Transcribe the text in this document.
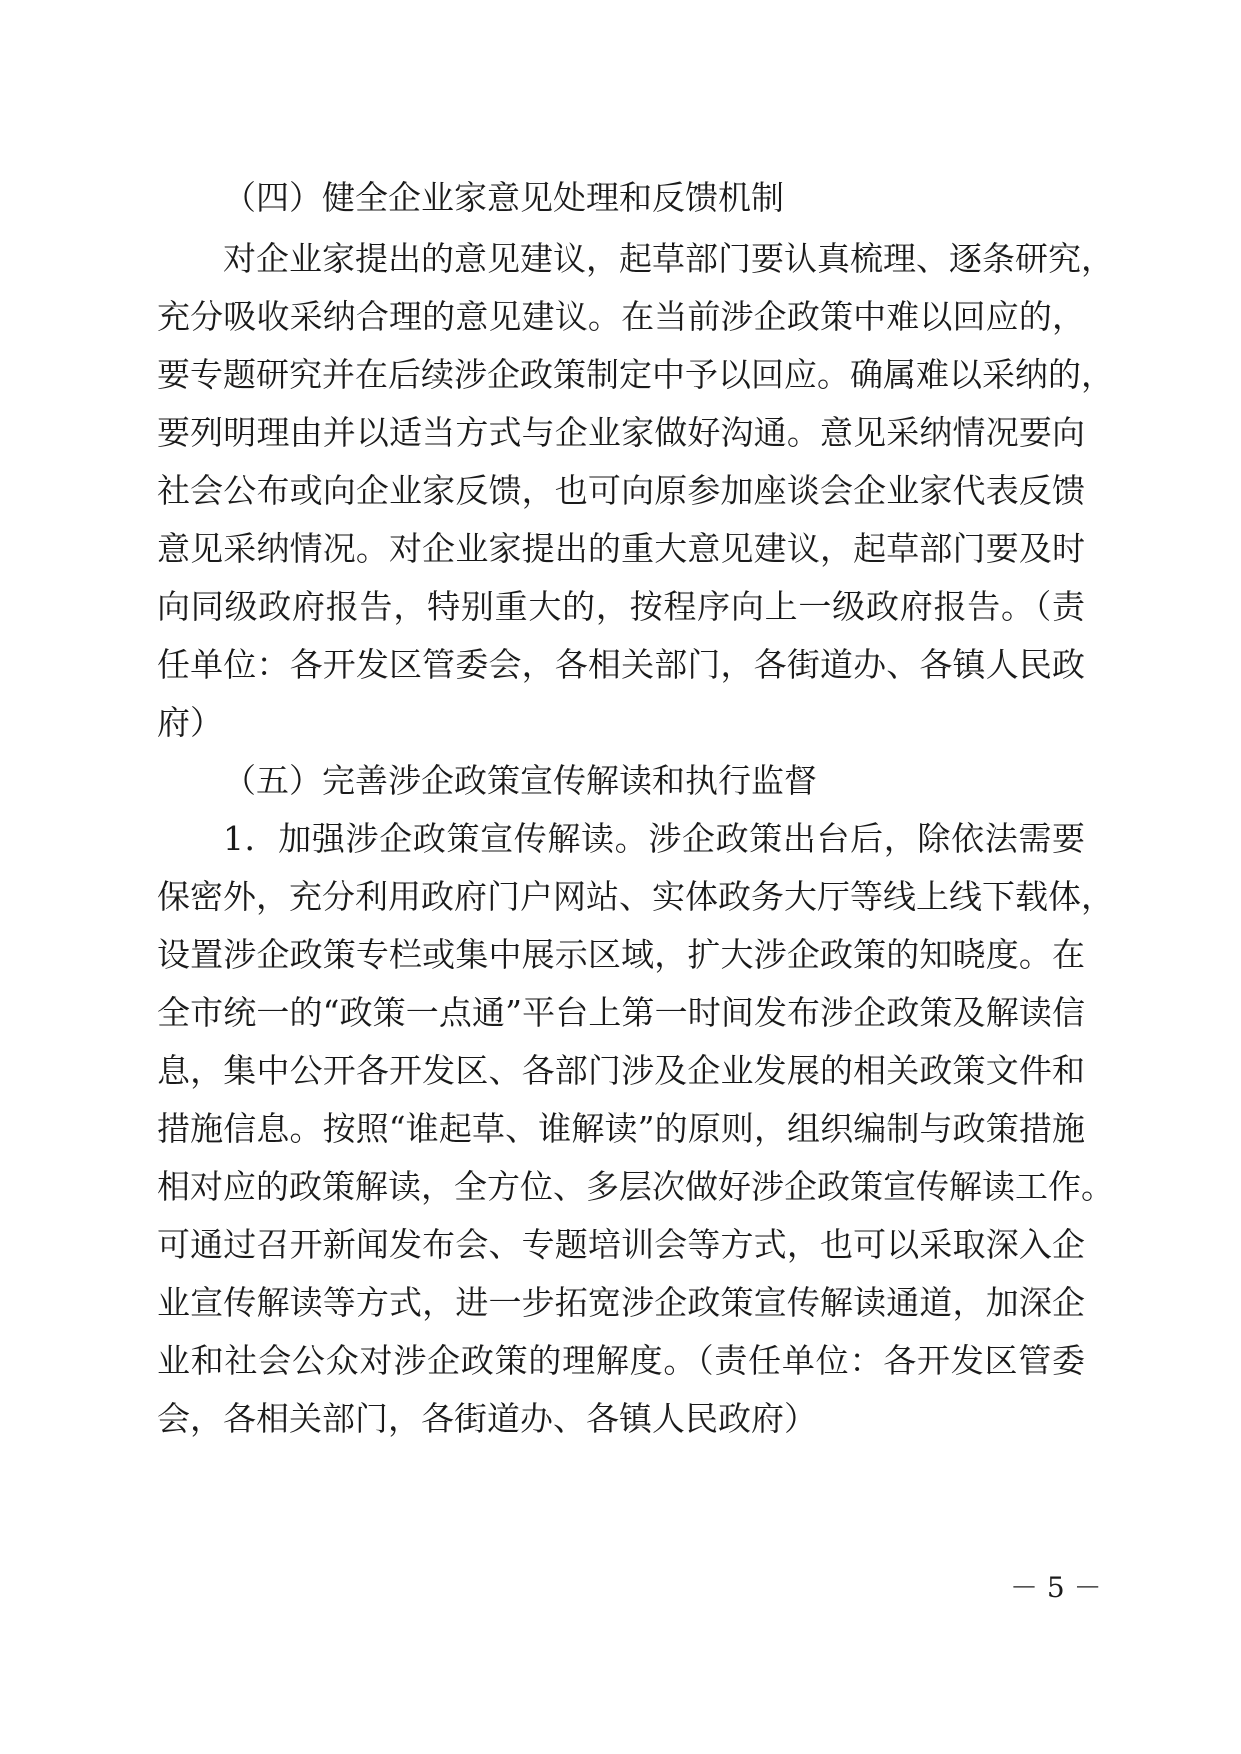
（四）健全企业家意见处理和反馈机制
对企业家提出的意见建议，起草部门要认真梳理、逐条研究，
充分吸收采纳合理的意见建议。在当前涉企政策中难以回应的，
要专题研究并在后续涉企政策制定中予以回应。确属难以采纳的，
要列明理由并以适当方式与企业家做好沟通。意见采纳情况要向
社会公布或向企业家反馈，也可向原参加座谈会企业家代表反馈
意见采纳情况。对企业家提出的重大意见建议，起草部门要及时
向同级政府报告，特别重大的，按程序向上一级政府报告。（责
任单位：各开发区管委会，各相关部门，各街道办、各镇人民政
府）
（五）完善涉企政策宣传解读和执行监督
1．加强涉企政策宣传解读。涉企政策出台后，除依法需要
保密外，充分利用政府门户网站、实体政务大厅等线上线下载体，
设置涉企政策专栏或集中展示区域，扩大涉企政策的知晓度。在
全市统一的“政策一点通”平台上第一时间发布涉企政策及解读信
息，集中公开各开发区、各部门涉及企业发展的相关政策文件和
措施信息。按照“谁起草、谁解读”的原则，组织编制与政策措施
相对应的政策解读，全方位、多层次做好涉企政策宣传解读工作。
可通过召开新闻发布会、专题培训会等方式，也可以采取深入企
业宣传解读等方式，进一步拓宽涉企政策宣传解读通道，加深企
业和社会公众对涉企政策的理解度。（责任单位：各开发区管委
会，各相关部门，各街道办、各镇人民政府）
－ 5 －
